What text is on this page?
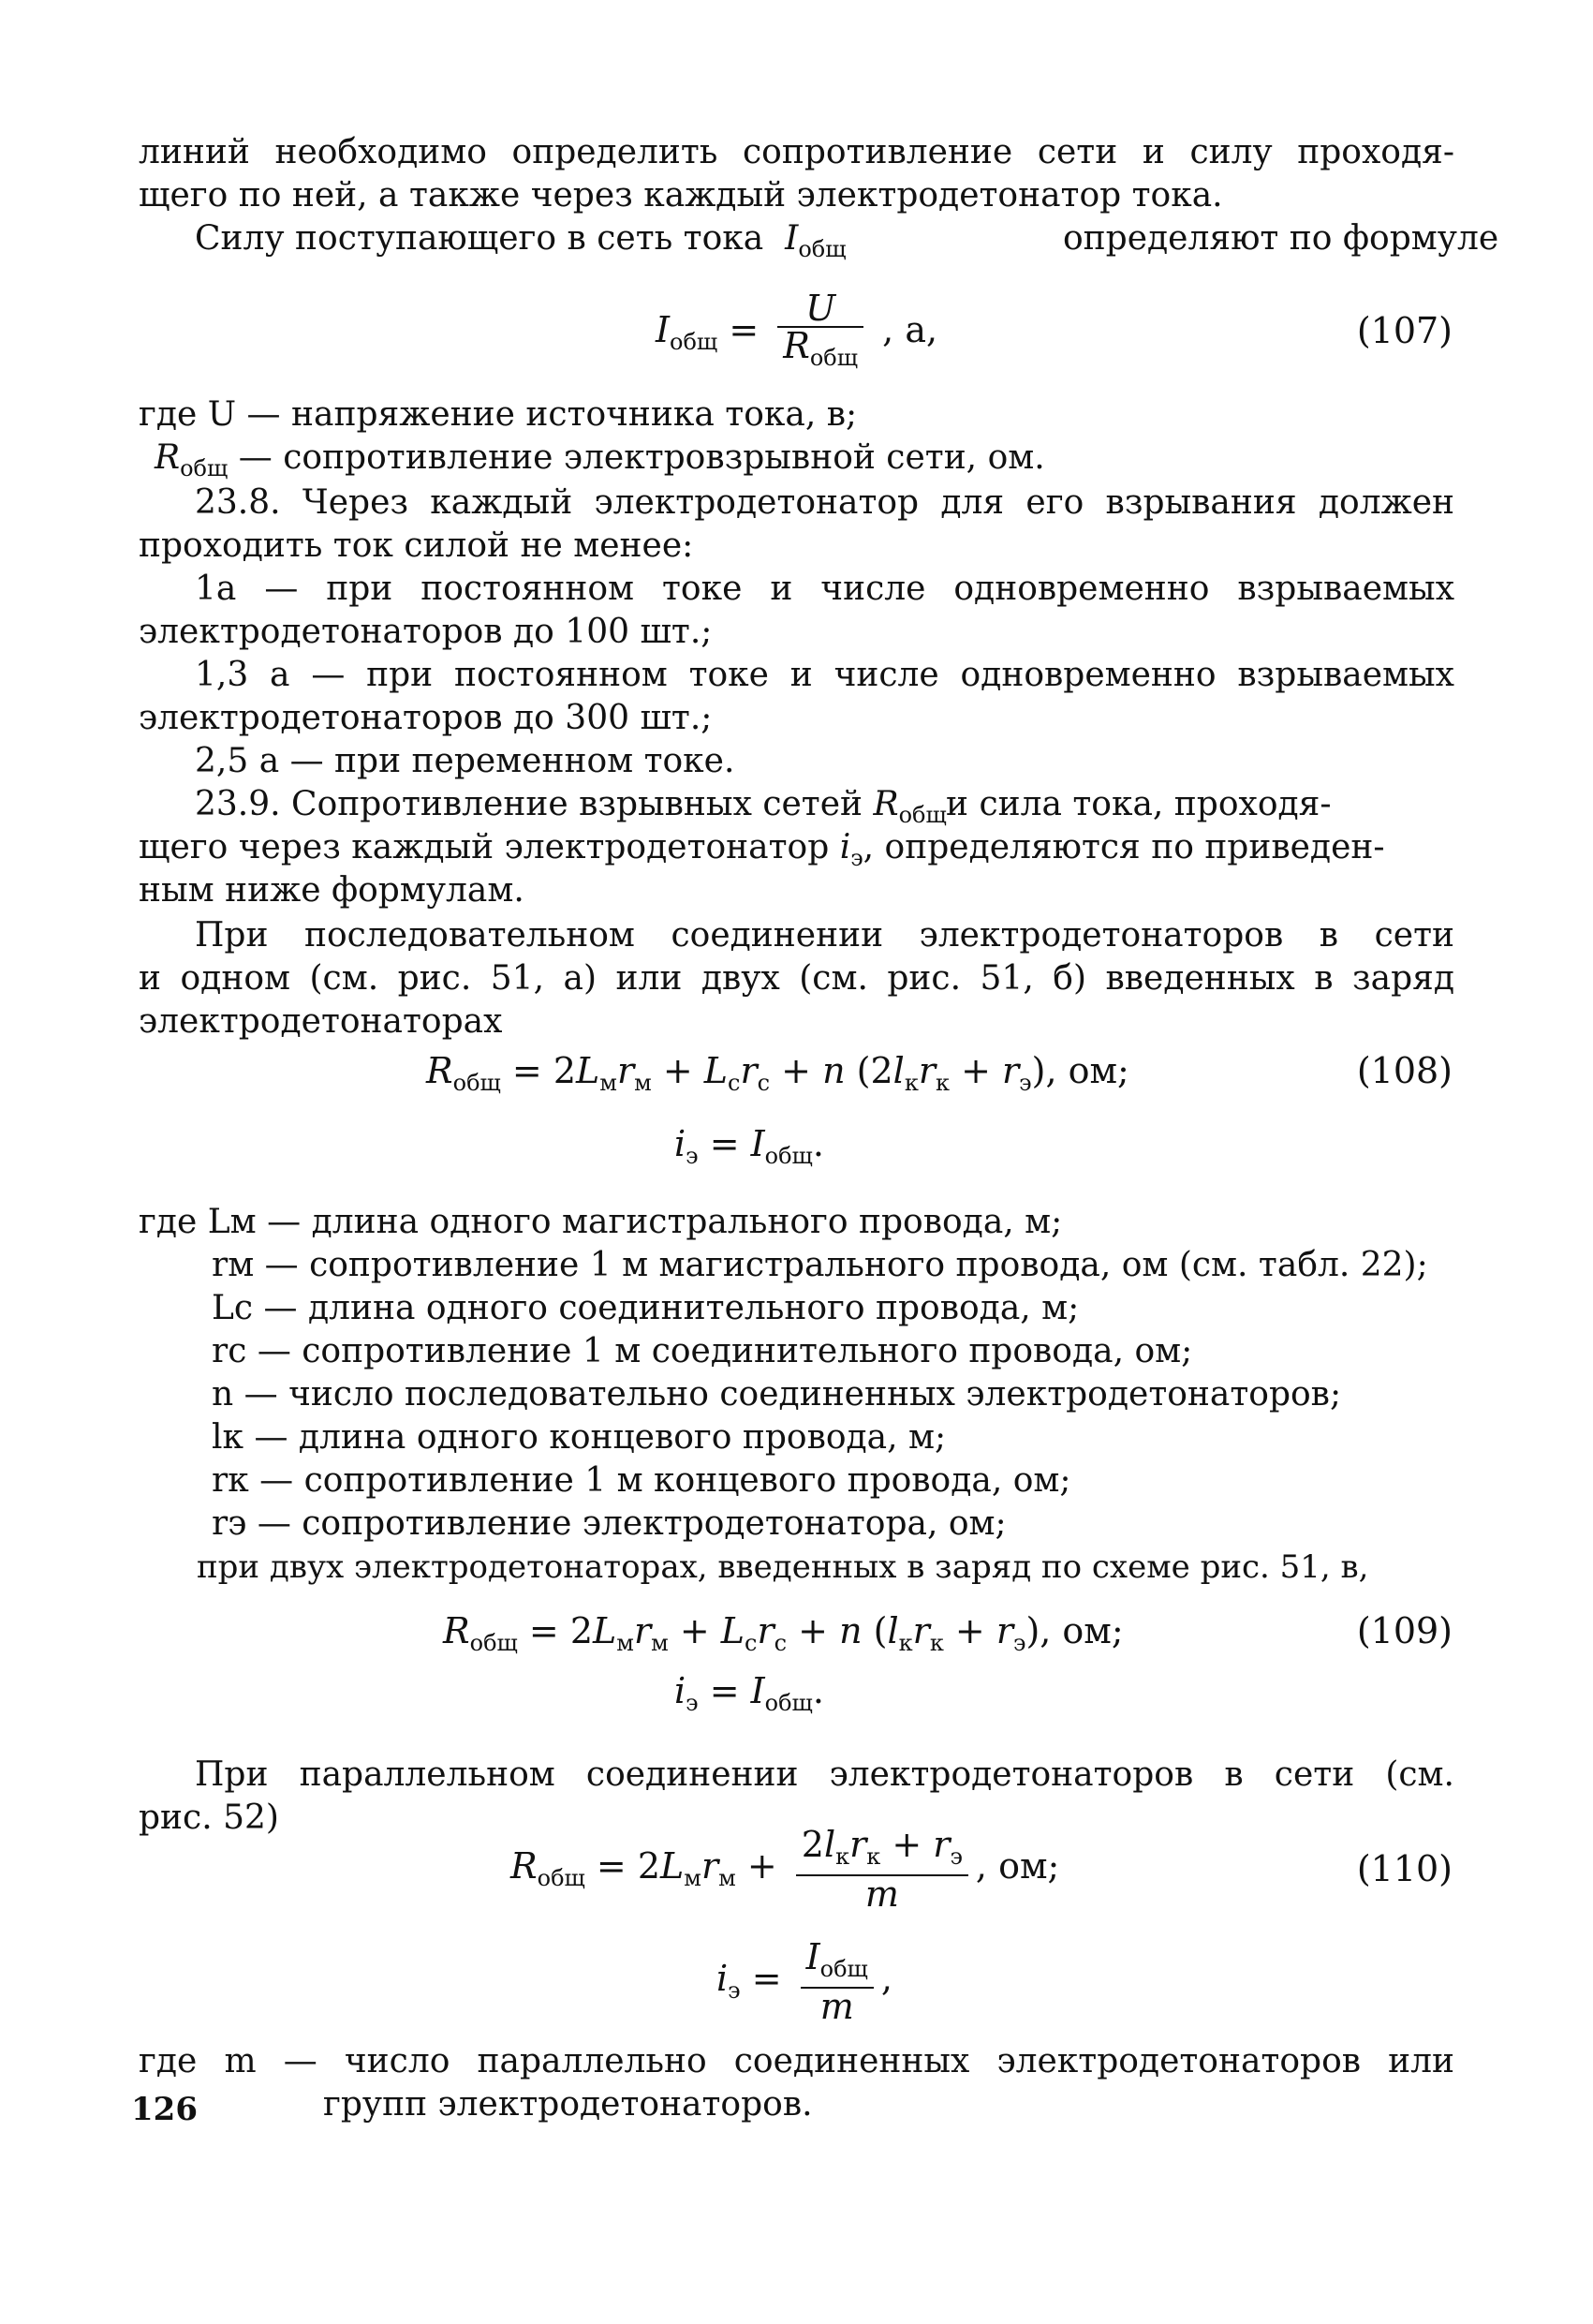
линий необходимо определить сопротивление сети и силу проходя-
щего по ней, а также через каждый электродетонатор тока.
Силу поступающего в сеть тока $I_{общ}$	определяют по формуле
$I_{общ} = \frac{U}{R_{общ}}$ , а,	(107)
где U — напряжение источника тока, в;
$R_{общ}$ — сопротивление электровзрывной сети, ом.
23.8. Через каждый электродетонатор для его взрывания должен
проходить ток силой не менее:
1а — при постоянном токе и числе одновременно взрываемых
электродетонаторов до 100 шт.;
1,3 а — при постоянном токе и числе одновременно взрываемых
электродетонаторов до 300 шт.;
2,5 а — при переменном токе.
23.9. Сопротивление взрывных сетей $R_{общ}$ и сила тока, проходя-
щего через каждый электродетонатор $i_э$, определяются по приведен-
ным ниже формулам.
При последовательном соединении электродетонаторов в сети
и одном (см. рис. 51, а) или двух (см. рис. 51, б) введенных в заряд
электродетонаторах
$R_{общ} = 2L_мr_м + L_сr_с + n$ $(2l_кr_к + r_э)$, ом;	(108)
$i_э = I_{общ}$.
где Lм — длина одного магистрального провода, м;
rм — сопротивление 1 м магистрального провода, ом (см. табл. 22);
Lс — длина одного соединительного провода, м;
rс — сопротивление 1 м соединительного провода, ом;
n — число последовательно соединенных электродетонаторов;
lк — длина одного концевого провода, м;
rк — сопротивление 1 м концевого провода, ом;
rэ — сопротивление электродетонатора, ом;
при двух электродетонаторах, введенных в заряд по схеме рис. 51, в,
$R_{общ} = 2L_мr_м + L_сr_с + n$ $(l_кr_к + r_э)$, ом;	(109)
$i_э = I_{общ}$.
При параллельном соединении электродетонаторов в сети (см.
рис. 52)
$R_{общ} = 2L_мr_м + \frac{2l_кr_к + r_э}{m}$ , ом;	(110)
$i_э = \frac{I_{общ}}{m}$ ,
где m — число параллельно соединенных электродетонаторов или
групп электродетонаторов.
126
